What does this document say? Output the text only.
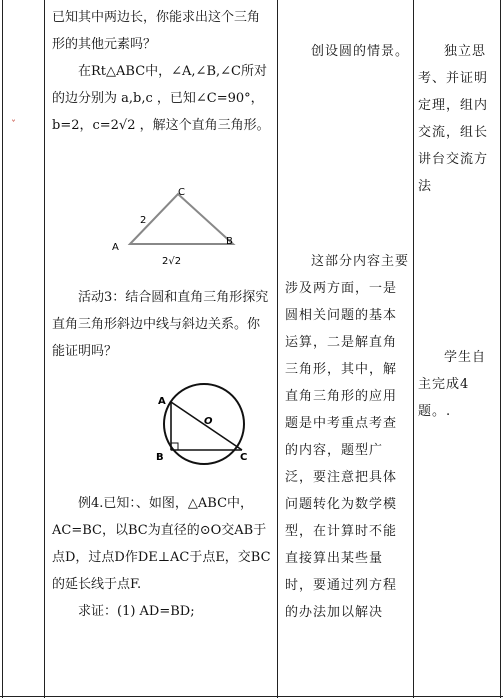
ˇ

已知其中两边长，你能求出这个三角形的其他元素吗？

在Rt△ABC中，∠A,∠B,∠C所对的边分别为 a,b,c ，已知∠C=90°，b=2，c=2√2 ，解这个直角三角形。

A
C
B
2
2√2

活动3：结合圆和直角三角形探究直角三角形斜边中线与斜边关系。你能证明吗？

A
B	C
O

例4.已知：、如图，△ABC中，AC=BC，以BC为直径的⊙O交AB于点D，过点D作DE⊥AC于点E，交BC的延长线于点F.

求证：(1) AD=BD;

创设圆的情景。

这部分内容主要涉及两方面，一是圆相关问题的基本运算，二是解直角三角形，其中，解直角三角形的应用题是中考重点考查的内容，题型广泛，要注意把具体问题转化为数学模型，在计算时不能直接算出某些量时，要通过列方程的办法加以解决

独立思考、并证明定理，组内交流，组长讲台交流方法

学生自主完成4题。.
